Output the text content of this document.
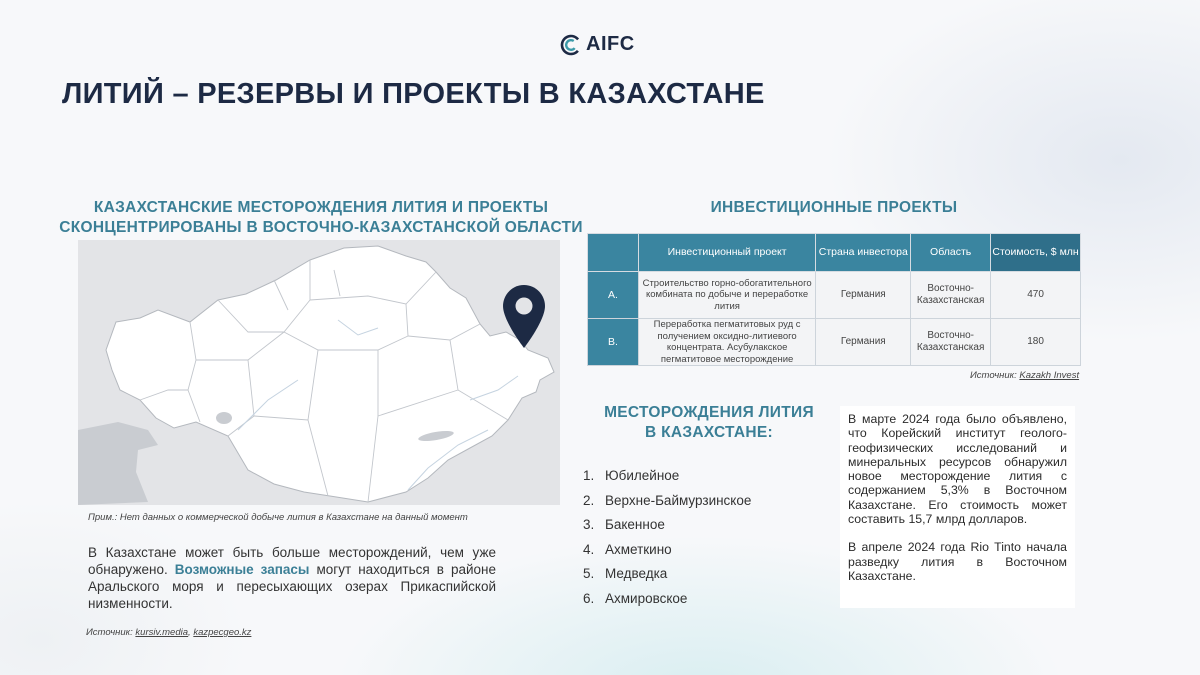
AIFC
ЛИТИЙ – РЕЗЕРВЫ И ПРОЕКТЫ В КАЗАХСТАНЕ
КАЗАХСТАНСКИЕ МЕСТОРОЖДЕНИЯ ЛИТИЯ И ПРОЕКТЫ
СКОНЦЕНТРИРОВАНЫ В ВОСТОЧНО-КАЗАХСТАНСКОЙ ОБЛАСТИ
Прим.: Нет данных о коммерческой добыче лития в Казахстане на данный момент

В Казахстане может быть больше месторождений, чем уже обнаружено. Возможные запасы могут находиться в районе Аральского моря и пересыхающих озерах Прикаспийской низменности.

Источник: kursiv.media, kazpecgeo.kz
ИНВЕСТИЦИОННЫЕ ПРОЕКТЫ
	Инвестиционный проект	Страна инвестора	Область	Стоимость, $ млн
A.	Строительство горно-обогатительного комбината по добыче и переработке лития	Германия	Восточно-Казахстанская	470
B.	Переработка пегматитовых руд с получением оксидно-литиевого концентрата. Асубулакское пегматитовое месторождение	Германия	Восточно-Казахстанская	180
Источник: Kazakh Invest
МЕСТОРОЖДЕНИЯ ЛИТИЯ
В КАЗАХСТАНЕ:
1. Юбилейное
2. Верхне-Баймурзинское
3. Бакенное
4. Ахметкино
5. Медведка
6. Ахмировское

В марте 2024 года было объявлено, что Корейский институт геолого-геофизических исследований и минеральных ресурсов обнаружил новое месторождение лития с содержанием 5,3% в Восточном Казахстане. Его стоимость может составить 15,7 млрд долларов.

В апреле 2024 года Rio Tinto начала разведку лития в Восточном Казахстане.
